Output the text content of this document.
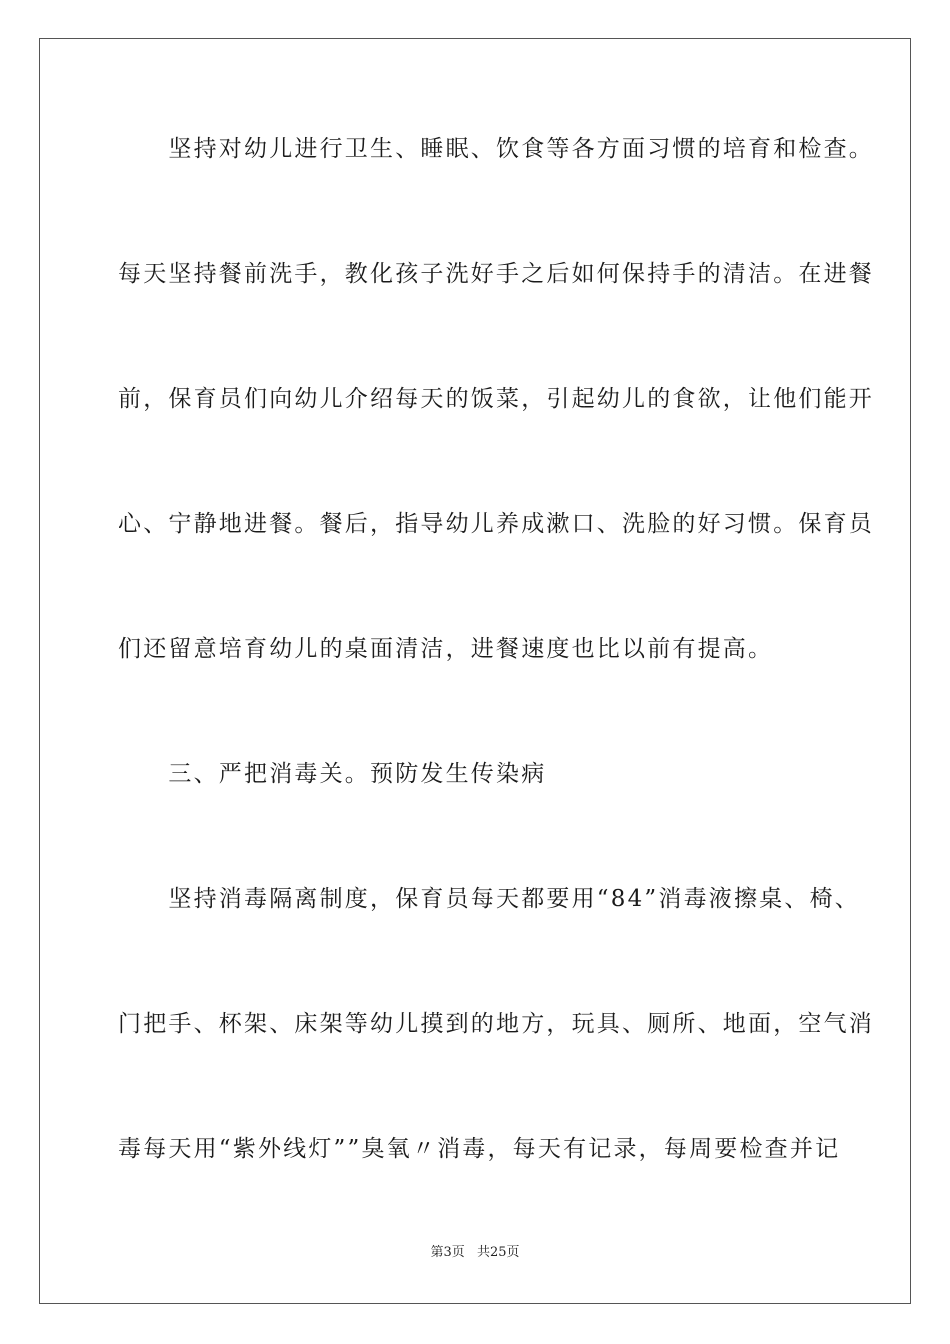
　　坚持对幼儿进行卫生、睡眠、饮食等各方面习惯的培育和检查。
每天坚持餐前洗手，教化孩子洗好手之后如何保持手的清洁。在进餐
前，保育员们向幼儿介绍每天的饭菜，引起幼儿的食欲，让他们能开
心、宁静地进餐。餐后，指导幼儿养成漱口、洗脸的好习惯。保育员
们还留意培育幼儿的桌面清洁，进餐速度也比以前有提高。
　　三、严把消毒关。预防发生传染病
　　坚持消毒隔离制度，保育员每天都要用“84”消毒液擦桌、椅、
门把手、杯架、床架等幼儿摸到的地方，玩具、厕所、地面，空气消
毒每天用“紫外线灯””臭氧〃消毒，每天有记录，每周要检查并记
第3页 共25页
